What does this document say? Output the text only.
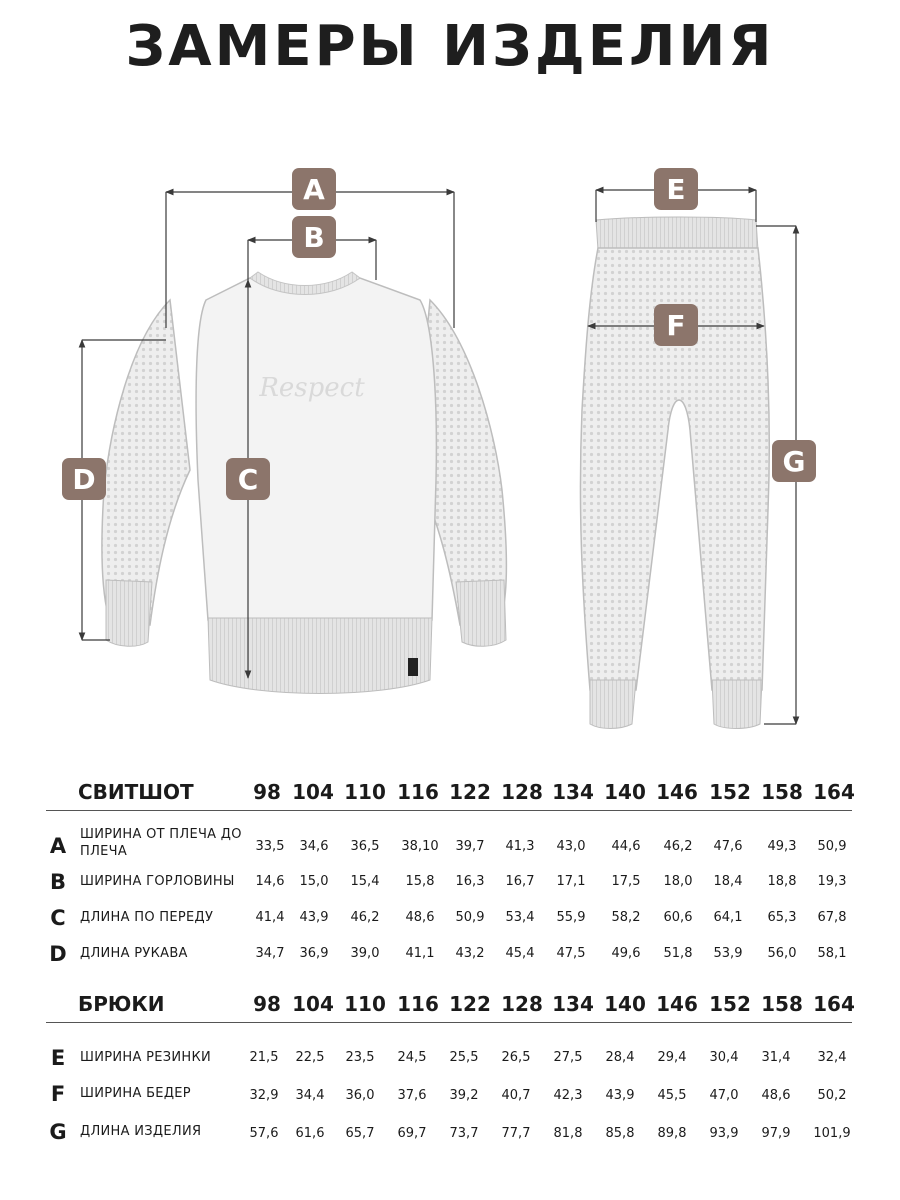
ЗАМЕРЫ ИЗДЕЛИЯ
Respect
A
B
C
D
E
F
G
СВИТШОТ	98 104 110 116 122 128 134 140 146 152 158 164
A	ШИРИНА ОТ ПЛЕЧА ДО ПЛЕЧА	33,5	34,6	36,5	38,10	39,7	41,3	43,0	44,6	46,2	47,6	49,3	50,9
B	ШИРИНА ГОРЛОВИНЫ	14,6	15,0	15,4	15,8	16,3	16,7	17,1	17,5	18,0	18,4	18,8	19,3
C	ДЛИНА ПО ПЕРЕДУ	41,4	43,9	46,2	48,6	50,9	53,4	55,9	58,2	60,6	64,1	65,3	67,8
D	ДЛИНА РУКАВА	34,7	36,9	39,0	41,1	43,2	45,4	47,5	49,6	51,8	53,9	56,0	58,1
БРЮКИ	98 104 110 116 122 128 134 140 146 152 158 164
E	ШИРИНА РЕЗИНКИ	21,5	22,5	23,5	24,5	25,5	26,5	27,5	28,4	29,4	30,4	31,4	32,4
F	ШИРИНА БЕДЕР	32,9	34,4	36,0	37,6	39,2	40,7	42,3	43,9	45,5	47,0	48,6	50,2
G	ДЛИНА ИЗДЕЛИЯ	57,6	61,6	65,7	69,7	73,7	77,7	81,8	85,8	89,8	93,9	97,9	101,9
